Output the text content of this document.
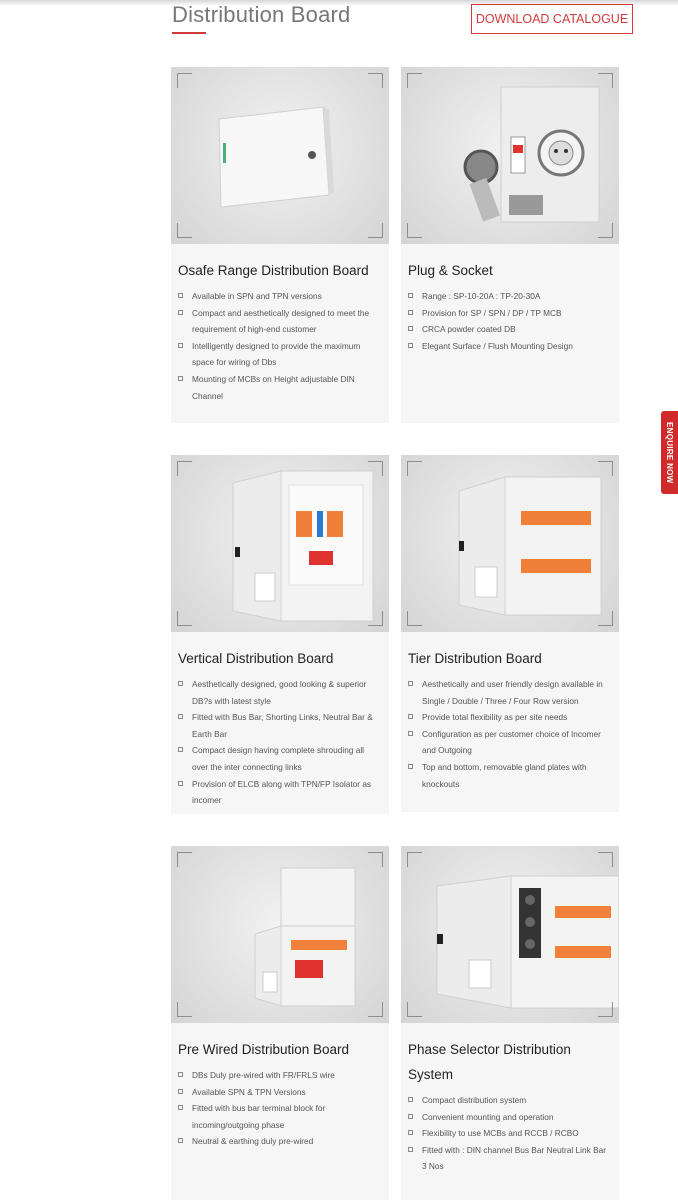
Distribution Board	DOWNLOAD CATALOGUE
ENQUIRE NOW
Osafe Range Distribution Board
Available in SPN and TPN versions
Compact and aesthetically designed to meet the requirement of high-end customer
Intelligently designed to provide the maximum space for wiring of Dbs
Mounting of MCBs on Height adjustable DIN Channel
Plug & Socket
Range : SP-10-20A : TP-20-30A
Provision for SP / SPN / DP / TP MCB
CRCA powder coated DB
Elegant Surface / Flush Mounting Design
Vertical Distribution Board
Aesthetically designed, good looking & superior DB?s with latest style
Fitted with Bus Bar, Shorting Links, Neutral Bar & Earth Bar
Compact design having complete shrouding all over the inter connecting links
Provision of ELCB along with TPN/FP Isolator as incomer
Tier Distribution Board
Aesthetically and user friendly design available in Single / Double / Three / Four Row version
Provide total flexibility as per site needs
Configuration as per customer choice of Incomer and Outgoing
Top and bottom, removable gland plates with knockouts
Pre Wired Distribution Board
DBs Duly pre-wired with FR/FRLS wire
Available SPN & TPN Versions
Fitted with bus bar terminal block for incoming/outgoing phase
Neutral & earthing duly pre-wired
Phase Selector Distribution System
Compact distribution system
Convenient mounting and operation
Flexibility to use MCBs and RCCB / RCBO
Fitted with : DIN channel Bus Bar Neutral Link Bar 3 Nos
